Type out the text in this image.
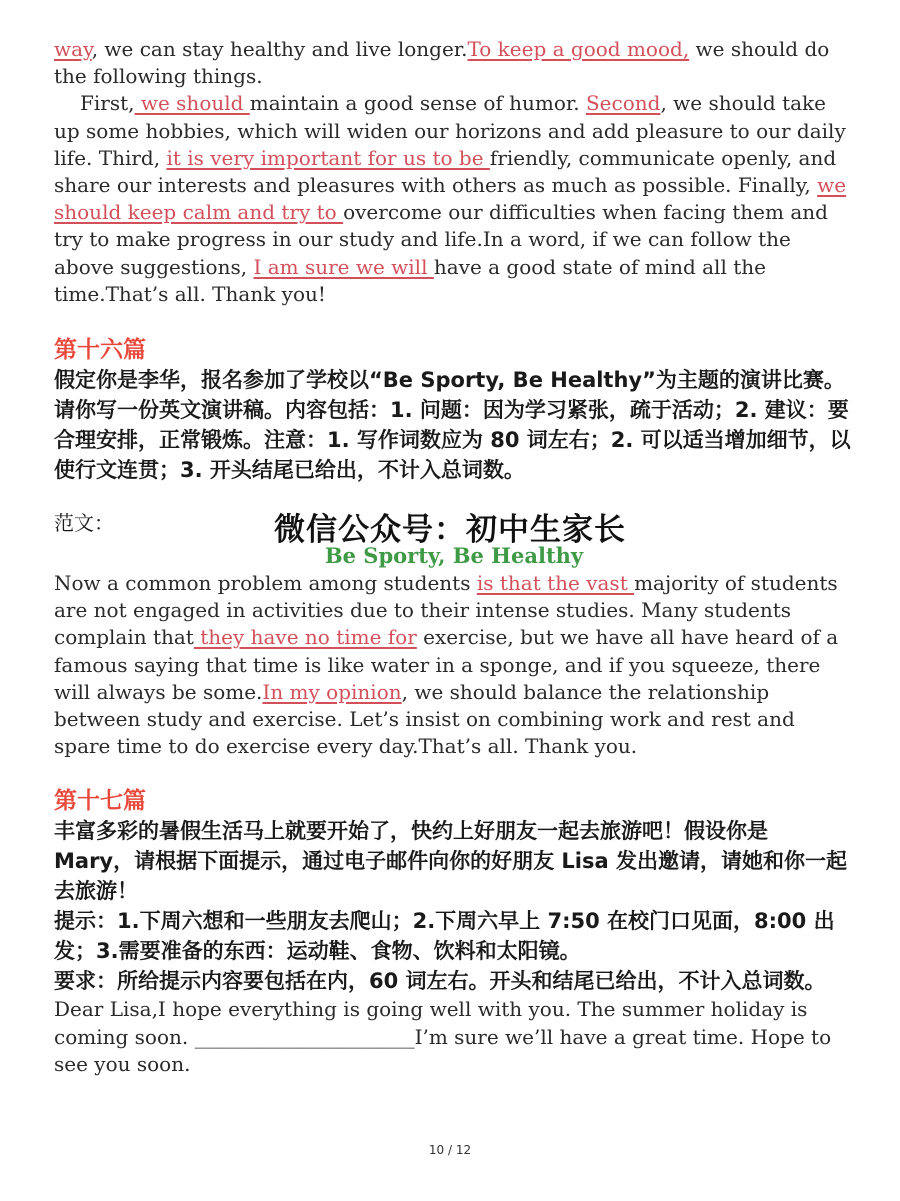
way, we can stay healthy and live longer.To keep a good mood, we should do the following things.

First, we should maintain a good sense of humor. Second, we should take up some hobbies, which will widen our horizons and add pleasure to our daily life. Third, it is very important for us to be friendly, communicate openly, and share our interests and pleasures with others as much as possible. Finally, we should keep calm and try to overcome our difficulties when facing them and try to make progress in our study and life.In a word, if we can follow the above suggestions, I am sure we will have a good state of mind all the time.That’s all. Thank you!

第十六篇

假定你是李华，报名参加了学校以“Be Sporty, Be Healthy”为主题的演讲比赛。请你写一份英文演讲稿。内容包括：1. 问题：因为学习紧张，疏于活动；2. 建议：要合理安排，正常锻炼。注意：1. 写作词数应为 80 词左右；2. 可以适当增加细节，以使行文连贯；3. 开头结尾已给出，不计入总词数。

范文：

Be Sporty, Be Healthy

Now a common problem among students is that the vast majority of students are not engaged in activities due to their intense studies. Many students complain that they have no time for exercise, but we have all have heard of a famous saying that time is like water in a sponge, and if you squeeze, there will always be some.In my opinion, we should balance the relationship between study and exercise. Let’s insist on combining work and rest and spare time to do exercise every day.That’s all. Thank you.

第十七篇

丰富多彩的暑假生活马上就要开始了，快约上好朋友一起去旅游吧！假设你是 Mary，请根据下面提示，通过电子邮件向你的好朋友 Lisa 发出邀请，请她和你一起去旅游！

提示：1.下周六想和一些朋友去爬山；2.下周六早上 7:50 在校门口见面，8:00 出发；3.需要准备的东西：运动鞋、食物、饮料和太阳镜。

要求：所给提示内容要包括在内，60 词左右。开头和结尾已给出，不计入总词数。

Dear Lisa,I hope everything is going well with you. The summer holiday is coming soon. ______________________I’m sure we’ll have a great time. Hope to see you soon.

微信公众号：初中生家长
10 / 12
